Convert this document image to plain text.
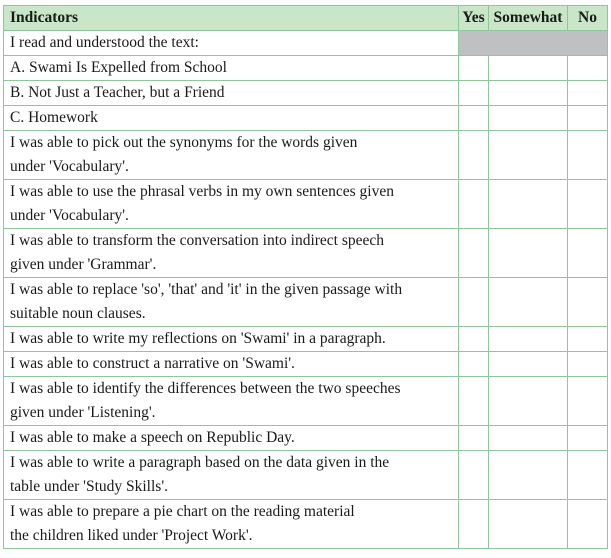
Indicators	Yes	Somewhat	No
I read and understood the text:			
A. Swami Is Expelled from School			
B. Not Just a Teacher, but a Friend			
C. Homework			
I was able to pick out the synonyms for the words given
under 'Vocabulary'.			
I was able to use the phrasal verbs in my own sentences given
under 'Vocabulary'.			
I was able to transform the conversation into indirect speech
given under 'Grammar'.			
I was able to replace 'so', 'that' and 'it' in the given passage with
suitable noun clauses.			
I was able to write my reflections on 'Swami' in a paragraph.			
I was able to construct a narrative on 'Swami'.			
I was able to identify the differences between the two speeches
given under 'Listening'.			
I was able to make a speech on Republic Day.			
I was able to write a paragraph based on the data given in the
table under 'Study Skills'.			
I was able to prepare a pie chart on the reading material
the children liked under 'Project Work'.			
